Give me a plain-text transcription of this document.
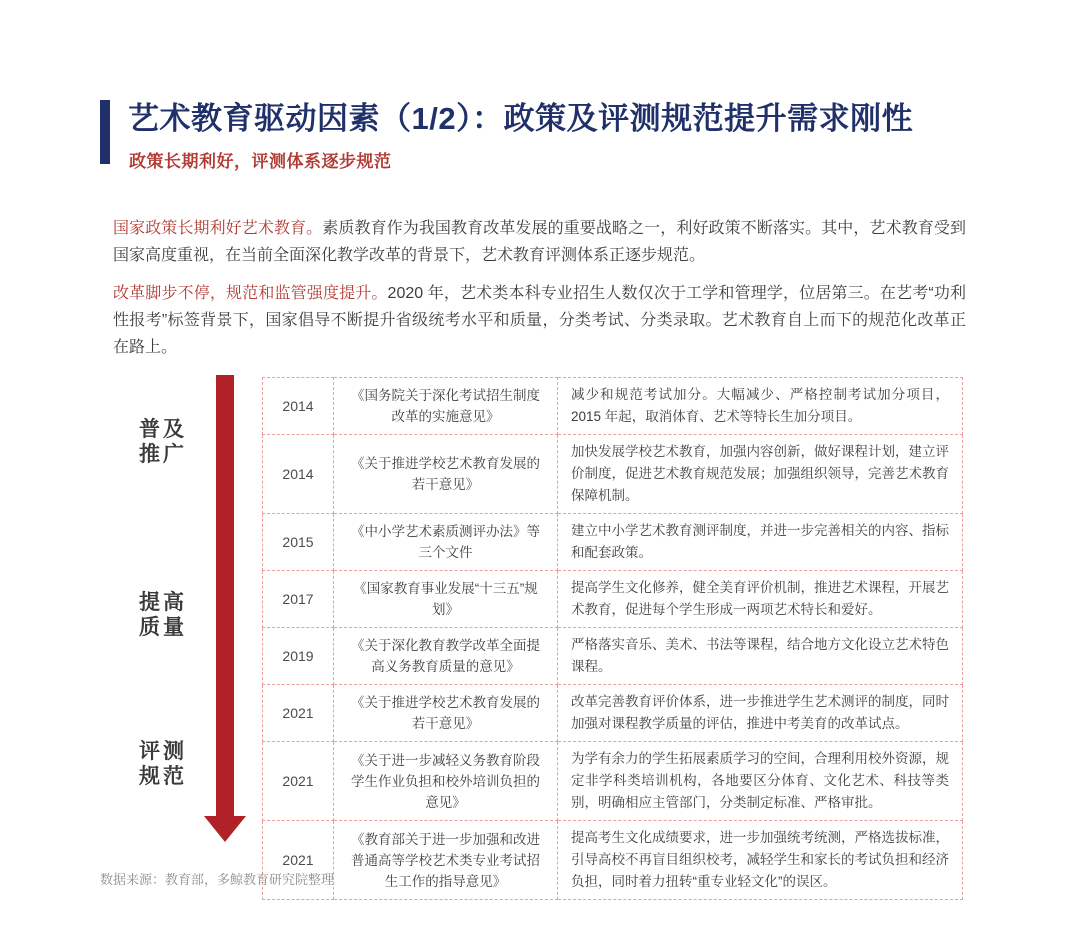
艺术教育驱动因素（1/2）：政策及评测规范提升需求刚性
政策长期利好，评测体系逐步规范

国家政策长期利好艺术教育。素质教育作为我国教育改革发展的重要战略之一，利好政策不断落实。其中，艺术教育受到国家高度重视，在当前全面深化教学改革的背景下，艺术教育评测体系正逐步规范。

改革脚步不停，规范和监管强度提升。2020 年，艺术类本科专业招生人数仅次于工学和管理学，位居第三。在艺考“功利性报考”标签背景下，国家倡导不断提升省级统考水平和质量，分类考试、分类录取。艺术教育自上而下的规范化改革正在路上。

普及
推广
提高
质量
评测
规范
2014	《国务院关于深化考试招生制度改革的实施意见》	减少和规范考试加分。大幅减少、严格控制考试加分项目，2015 年起，取消体育、艺术等特长生加分项目。
2014	《关于推进学校艺术教育发展的若干意见》	加快发展学校艺术教育，加强内容创新，做好课程计划，建立评价制度，促进艺术教育规范发展；加强组织领导，完善艺术教育保障机制。
2015	《中小学艺术素质测评办法》等三个文件	建立中小学艺术教育测评制度，并进一步完善相关的内容、指标和配套政策。
2017	《国家教育事业发展“十三五”规划》	提高学生文化修养，健全美育评价机制，推进艺术课程，开展艺术教育，促进每个学生形成一两项艺术特长和爱好。
2019	《关于深化教育教学改革全面提高义务教育质量的意见》	严格落实音乐、美术、书法等课程，结合地方文化设立艺术特色课程。
2021	《关于推进学校艺术教育发展的若干意见》	改革完善教育评价体系，进一步推进学生艺术测评的制度，同时加强对课程教学质量的评估，推进中考美育的改革试点。
2021	《关于进一步减轻义务教育阶段学生作业负担和校外培训负担的意见》	为学有余力的学生拓展素质学习的空间，合理利用校外资源，规定非学科类培训机构，各地要区分体育、文化艺术、科技等类别，明确相应主管部门，分类制定标准、严格审批。
2021	《教育部关于进一步加强和改进普通高等学校艺术类专业考试招生工作的指导意见》	提高考生文化成绩要求，进一步加强统考统测，严格选拔标准，引导高校不再盲目组织校考，减轻学生和家长的考试负担和经济负担，同时着力扭转“重专业轻文化”的误区。
数据来源：教育部，多鲸教育研究院整理
